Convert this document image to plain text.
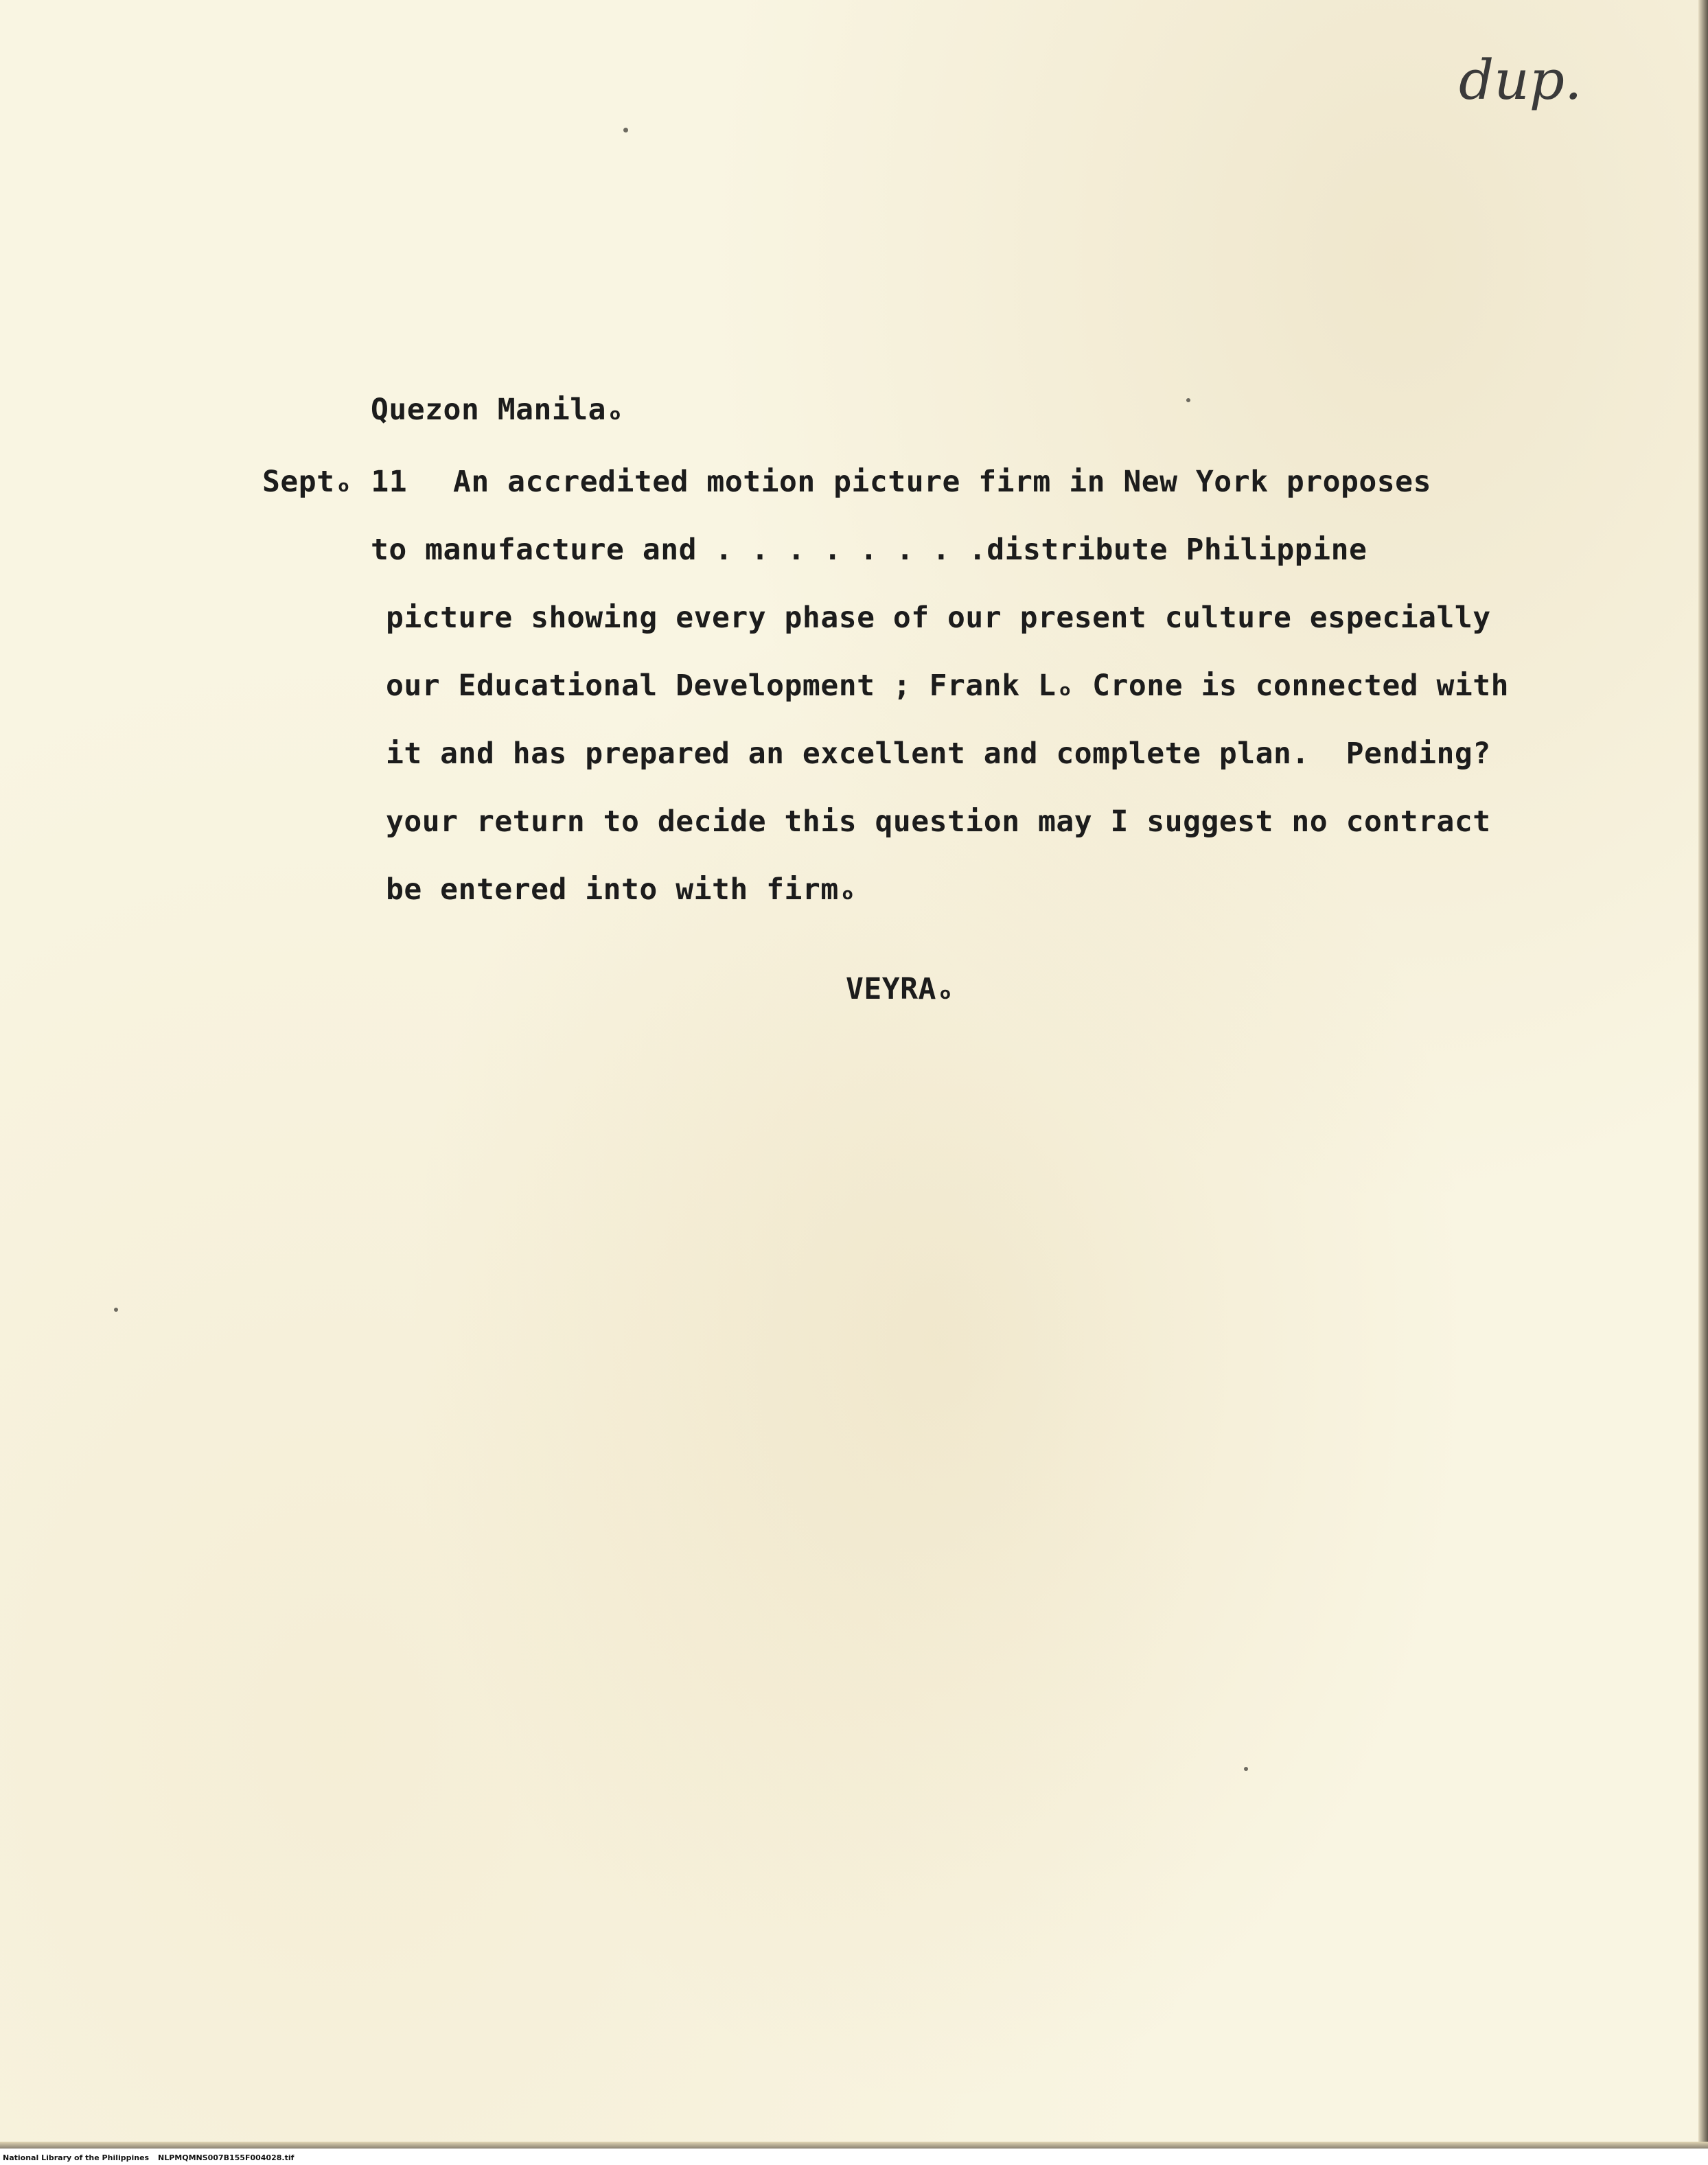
dup.
Quezon Manilaₒ
Septₒ 11 An accredited motion picture firm in New York proposes
to manufacture and . . . . . . . .distribute Philippine
picture showing every phase of our present culture especially
our Educational Development ; Frank Lₒ Crone is connected with
it and has prepared an excellent and complete plan.  Pending?
your return to decide this question may I suggest no contract
be entered into with firmₒ
VEYRAₒ
National Library of the Philippines NLPMQMNS007B155F004028.tif
